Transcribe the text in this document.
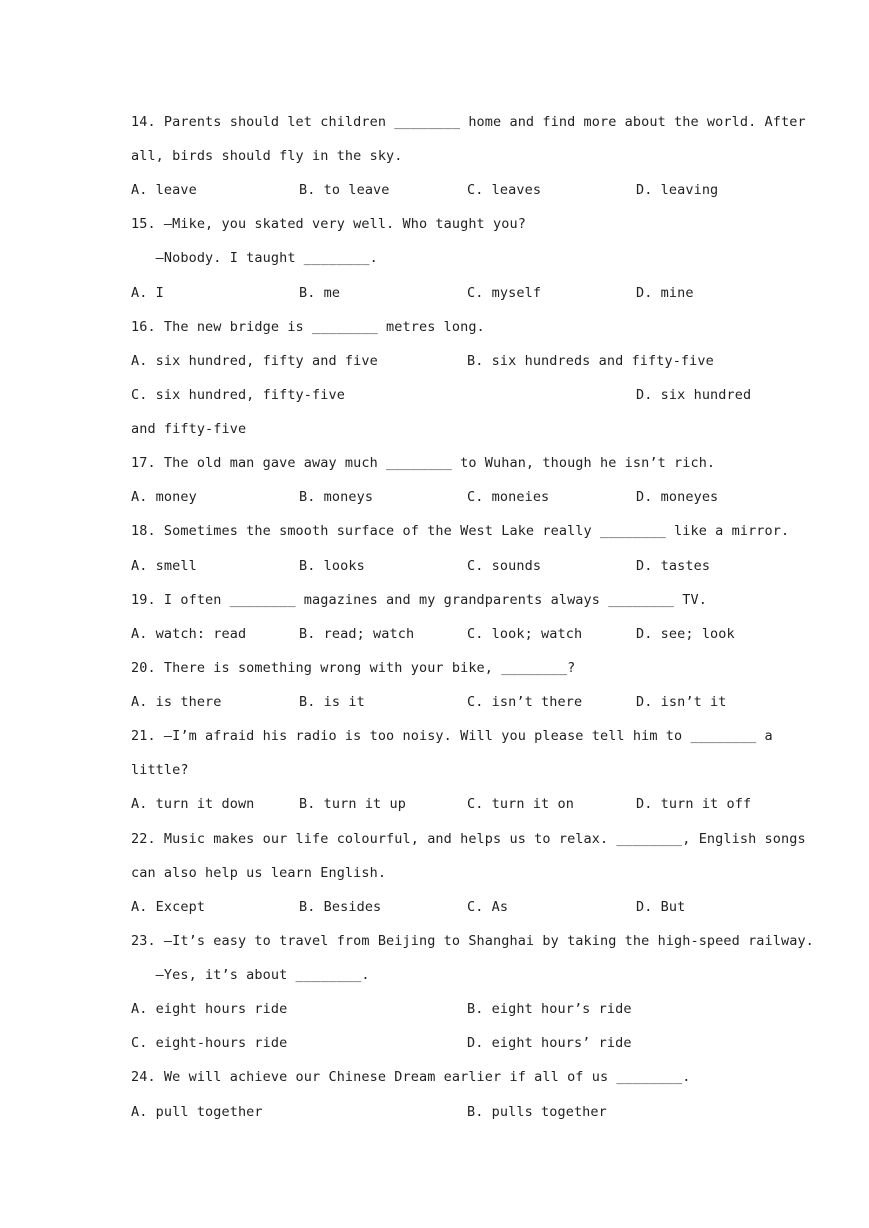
14. Parents should let children ________ home and find more about the world. After
all, birds should fly in the sky.
A. leave	B. to leave	C. leaves	D. leaving
15. —Mike, you skated very well. Who taught you?
—Nobody. I taught ________.
A. I	B. me	C. myself	D. mine
16. The new bridge is ________ metres long.
A. six hundred, fifty and five	B. six hundreds and fifty-five
C. six hundred, fifty-five	D. six hundred
and fifty-five
17. The old man gave away much ________ to Wuhan, though he isn’t rich.
A. money	B. moneys	C. moneies	D. moneyes
18. Sometimes the smooth surface of the West Lake really ________ like a mirror.
A. smell	B. looks	C. sounds	D. tastes
19. I often ________ magazines and my grandparents always ________ TV.
A. watch: read	B. read; watch	C. look; watch	D. see; look
20. There is something wrong with your bike, ________?
A. is there	B. is it	C. isn’t there	D. isn’t it
21. —I’m afraid his radio is too noisy. Will you please tell him to ________ a
little?
A. turn it down	B. turn it up	C. turn it on	D. turn it off
22. Music makes our life colourful, and helps us to relax. ________, English songs
can also help us learn English.
A. Except	B. Besides	C. As	D. But
23. —It’s easy to travel from Beijing to Shanghai by taking the high-speed railway.
—Yes, it’s about ________.
A. eight hours ride	B. eight hour’s ride
C. eight-hours ride	D. eight hours’ ride
24. We will achieve our Chinese Dream earlier if all of us ________.
A. pull together	B. pulls together
